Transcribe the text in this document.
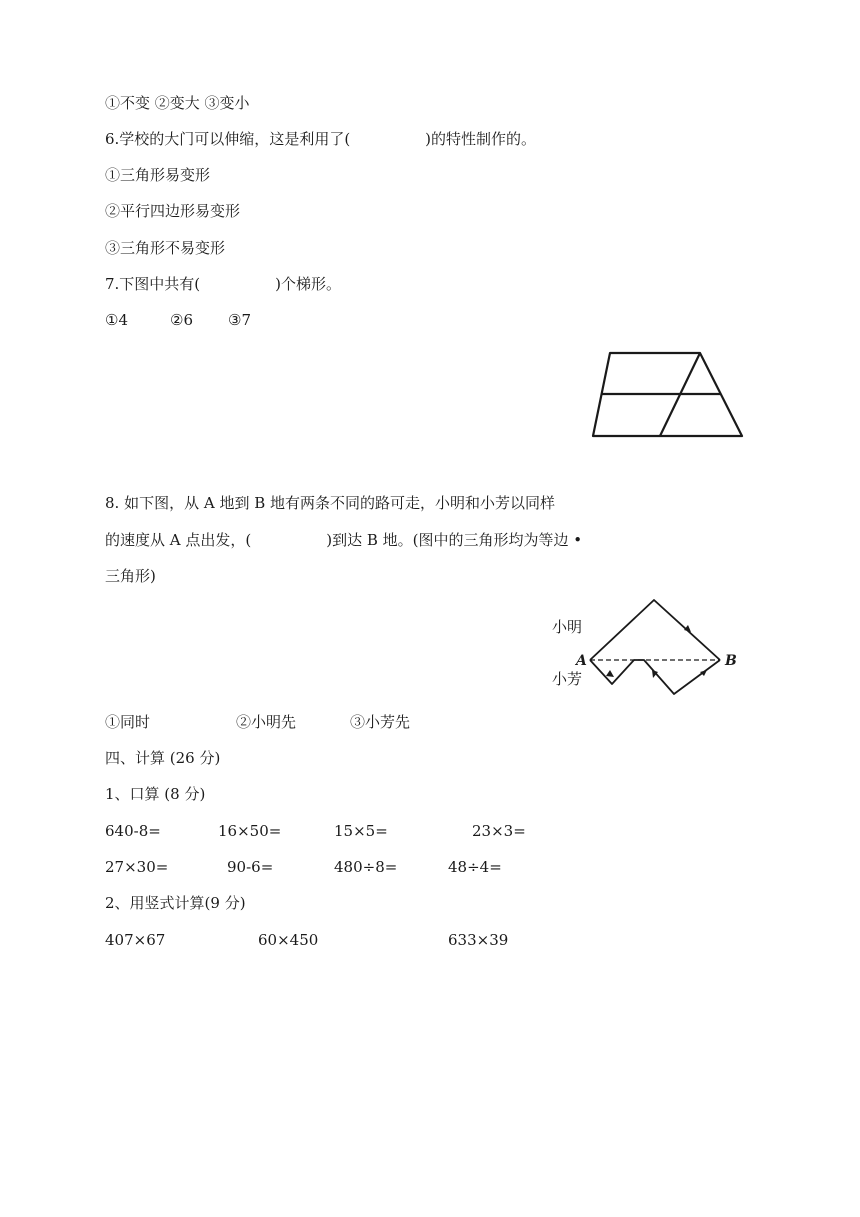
①不变 ②变大 ③变小
6.学校的大门可以伸缩，这是利用了(　　　　　)的特性制作的。
①三角形易变形
②平行四边形易变形
③三角形不易变形
7.下图中共有(　　　　　)个梯形。
①4	②6 ③7
8. 如下图，从 A 地到 B 地有两条不同的路可走，小明和小芳以同样
的速度从 A 点出发，(　　　　　)到达 B 地。(图中的三角形均为等边 •
三角形)
小明
A	B
小芳
①同时	②小明先	③小芳先
四、计算 (26 分)
1、口算 (8 分)
640-8=	16×50=	15×5=	23×3=
27×30=	90-6=	480÷8=	48÷4=
2、用竖式计算(9 分)
407×67	60×450	633×39
